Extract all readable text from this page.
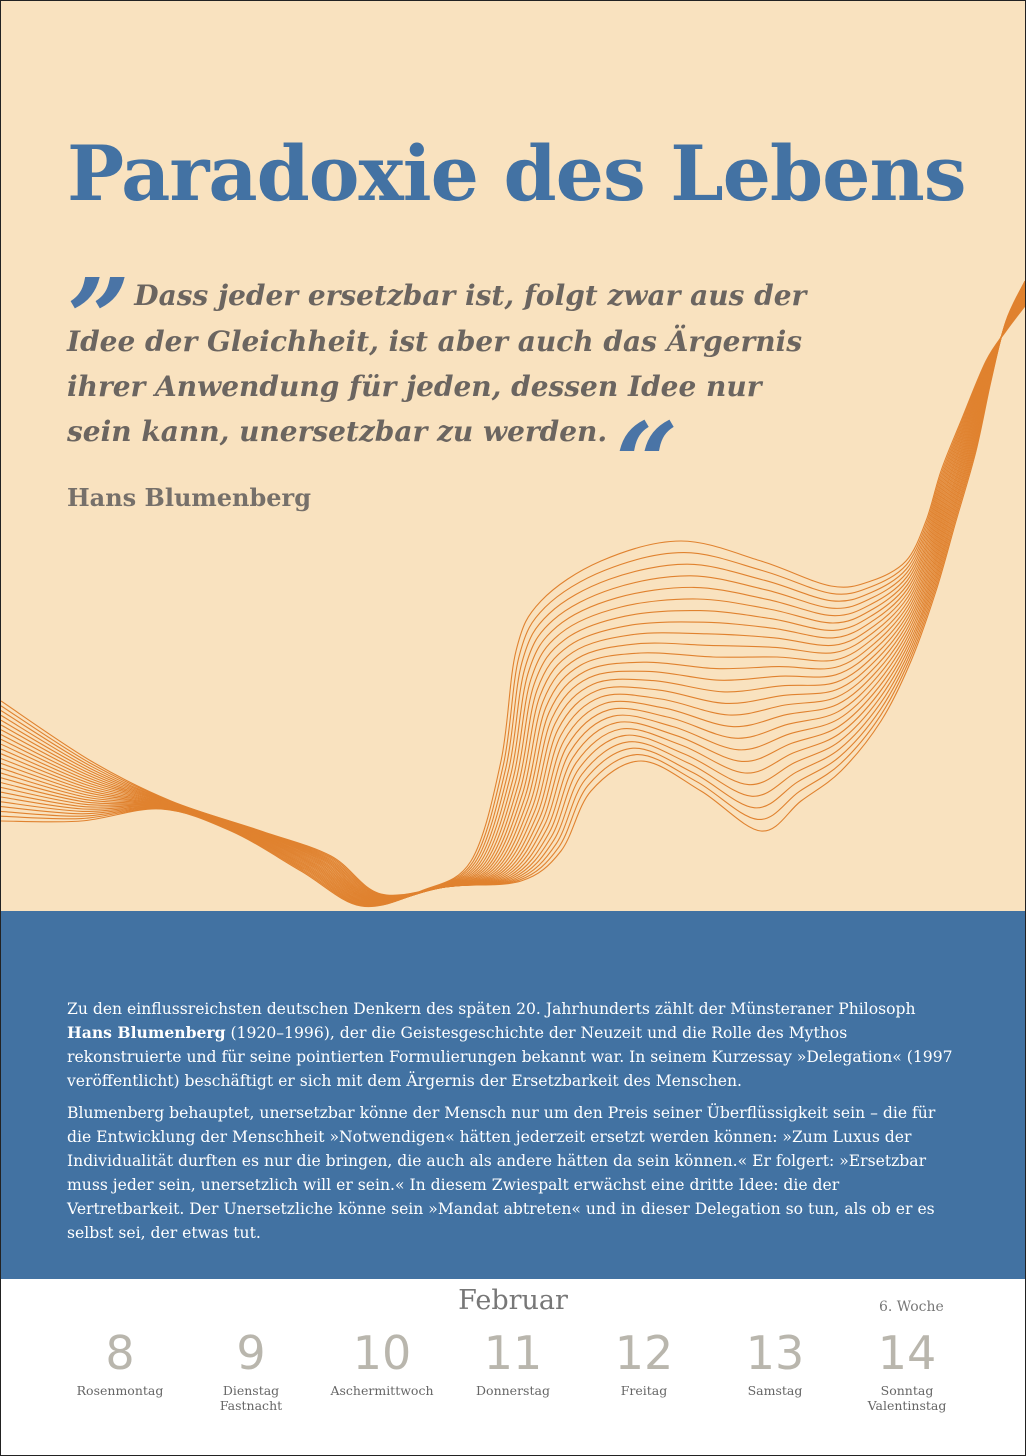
Paradoxie des Lebens

” Dass jeder ersetzbar ist, folgt zwar aus der Idee der Gleichheit, ist aber auch das Ärgernis ihrer Anwendung für jeden, dessen Idee nur sein kann, unersetzbar zu werden.“

Hans Blumenberg

Zu den einflussreichsten deutschen Denkern des späten 20. Jahrhunderts zählt der Münsteraner Philosoph Hans Blumenberg (1920–1996), der die Geistesgeschichte der Neuzeit und die Rolle des Mythos rekonstruierte und für seine pointierten Formulierungen bekannt war. In seinem Kurzessay »Delegation« (1997 veröffentlicht) beschäftigt er sich mit dem Ärgernis der Ersetzbarkeit des Menschen.

Blumenberg behauptet, unersetzbar könne der Mensch nur um den Preis seiner Überflüssigkeit sein – die für die Entwicklung der Menschheit »Notwendigen« hätten jederzeit ersetzt werden können: »Zum Luxus der Individualität durften es nur die bringen, die auch als andere hätten da sein können.« Er folgert: »Ersetzbar muss jeder sein, unersetzlich will er sein.« In diesem Zwiespalt erwächst eine dritte Idee: die der Vertretbarkeit. Der Unersetzliche könne sein »Mandat abtreten« und in dieser Delegation so tun, als ob er es selbst sei, der etwas tut.

Februar	6. Woche
8
Rosenmontag
9
Dienstag
Fastnacht
10
Aschermittwoch
11
Donnerstag
12
Freitag
13
Samstag
14
Sonntag
Valentinstag
